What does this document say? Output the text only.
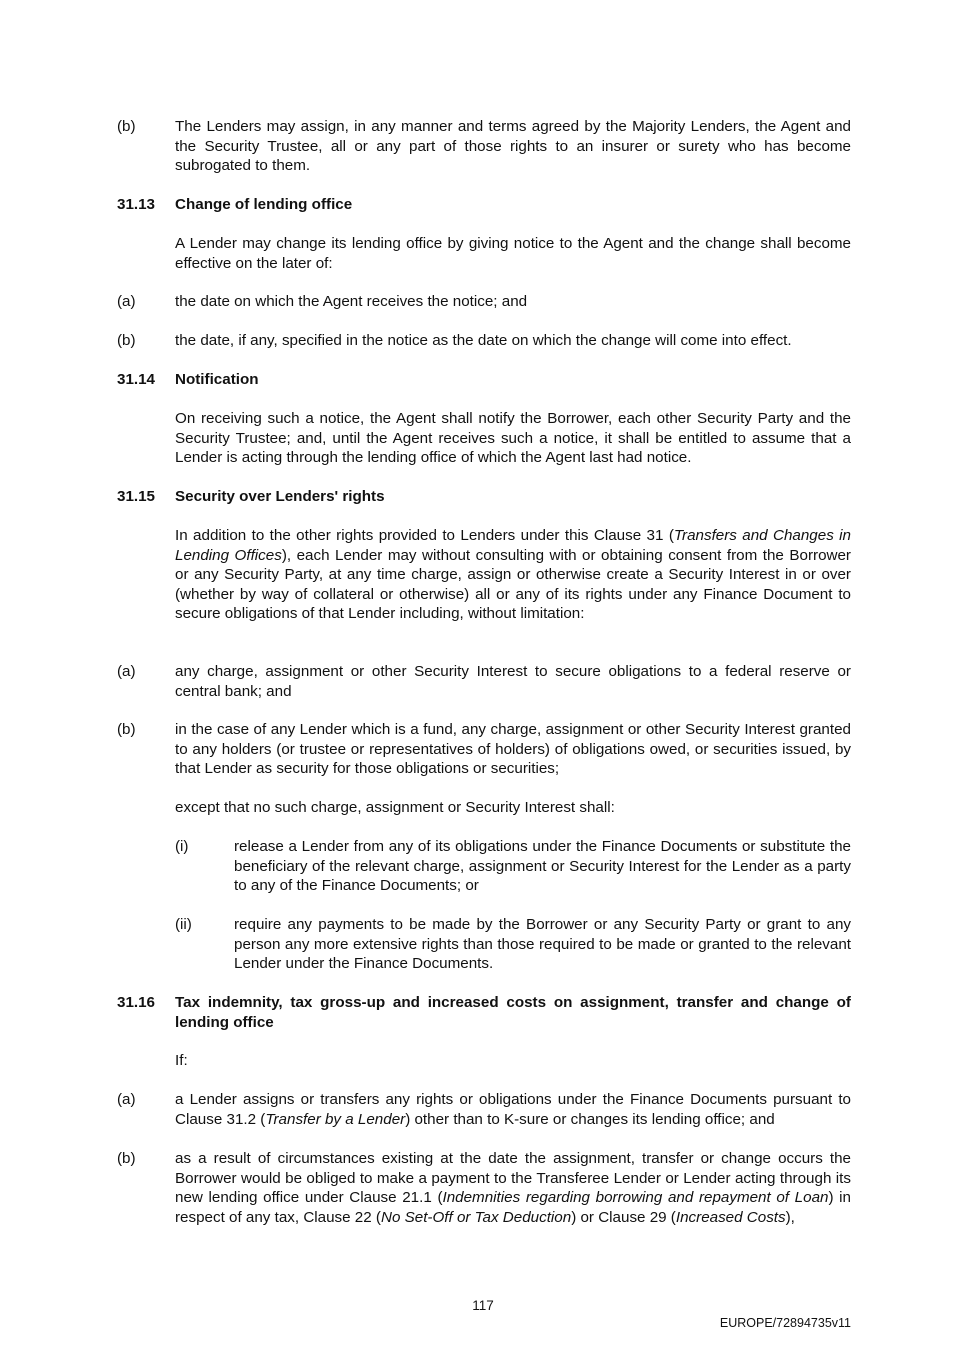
(b)	The Lenders may assign, in any manner and terms agreed by the Majority Lenders, the Agent and the Security Trustee, all or any part of those rights to an insurer or surety who has become subrogated to them.
31.13	Change of lending office
A Lender may change its lending office by giving notice to the Agent and the change shall become effective on the later of:
(a)	the date on which the Agent receives the notice; and
(b)	the date, if any, specified in the notice as the date on which the change will come into effect.
31.14	Notification
On receiving such a notice, the Agent shall notify the Borrower, each other Security Party and the Security Trustee; and, until the Agent receives such a notice, it shall be entitled to assume that a Lender is acting through the lending office of which the Agent last had notice.
31.15	Security over Lenders' rights
In addition to the other rights provided to Lenders under this Clause 31 (Transfers and Changes in Lending Offices), each Lender may without consulting with or obtaining consent from the Borrower or any Security Party, at any time charge, assign or otherwise create a Security Interest in or over (whether by way of collateral or otherwise) all or any of its rights under any Finance Document to secure obligations of that Lender including, without limitation:
(a)	any charge, assignment or other Security Interest to secure obligations to a federal reserve or central bank; and
(b)	in the case of any Lender which is a fund, any charge, assignment or other Security Interest granted to any holders (or trustee or representatives of holders) of obligations owed, or securities issued, by that Lender as security for those obligations or securities;
except that no such charge, assignment or Security Interest shall:
(i)	release a Lender from any of its obligations under the Finance Documents or substitute the beneficiary of the relevant charge, assignment or Security Interest for the Lender as a party to any of the Finance Documents; or
(ii)	require any payments to be made by the Borrower or any Security Party or grant to any person any more extensive rights than those required to be made or granted to the relevant Lender under the Finance Documents.
31.16	Tax indemnity, tax gross-up and increased costs on assignment, transfer and change of lending office
If:
(a)	a Lender assigns or transfers any rights or obligations under the Finance Documents pursuant to Clause 31.2 (Transfer by a Lender) other than to K-sure or changes its lending office; and
(b)	as a result of circumstances existing at the date the assignment, transfer or change occurs the Borrower would be obliged to make a payment to the Transferee Lender or Lender acting through its new lending office under Clause 21.1 (Indemnities regarding borrowing and repayment of Loan) in respect of any tax, Clause 22 (No Set-Off or Tax Deduction) or Clause 29 (Increased Costs),
117
EUROPE/72894735v11
